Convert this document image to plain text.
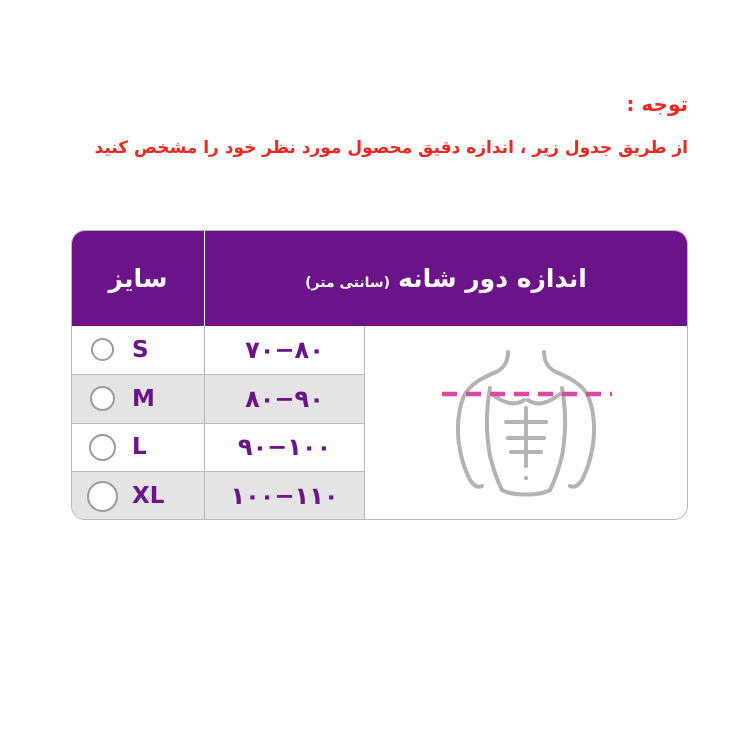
توجه :
از طریق جدول زیر ، اندازه دقیق محصول مورد نظر خود را مشخص کنید
اندازه دور شانه
(سانتی متر)
سایز
۷۰−۸۰
S
۸۰−۹۰
M
۹۰−۱۰۰
L
۱۰۰−۱۱۰
XL
